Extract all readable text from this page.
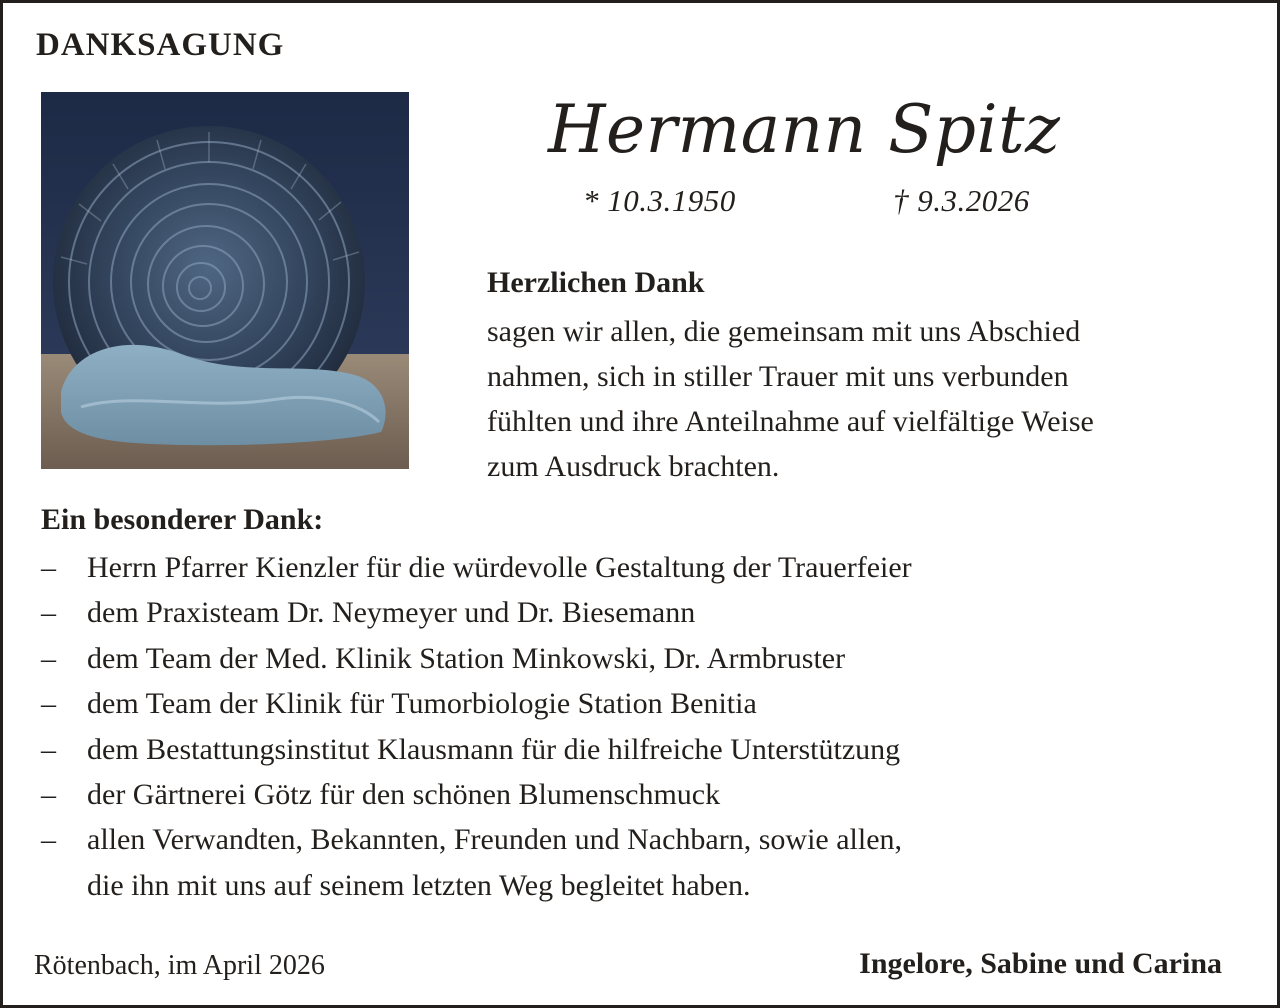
DANKSAGUNG
Hermann Spitz
* 10.3.1950	† 9.3.2026
Herzlichen Dank

sagen wir allen, die gemeinsam mit uns Abschied
nahmen, sich in stiller Trauer mit uns verbunden
fühlten und ihre Anteilnahme auf vielfältige Weise
zum Ausdruck brachten.

Ein besonderer Dank:
– Herrn Pfarrer Kienzler für die würdevolle Gestaltung der Trauerfeier
– dem Praxisteam Dr. Neymeyer und Dr. Biesemann
– dem Team der Med. Klinik Station Minkowski, Dr. Armbruster
– dem Team der Klinik für Tumorbiologie Station Benitia
– dem Bestattungsinstitut Klausmann für die hilfreiche Unterstützung
– der Gärtnerei Götz für den schönen Blumenschmuck
– allen Verwandten, Bekannten, Freunden und Nachbarn, sowie allen,
die ihn mit uns auf seinem letzten Weg begleitet haben.
Rötenbach, im April 2026	Ingelore, Sabine und Carina
